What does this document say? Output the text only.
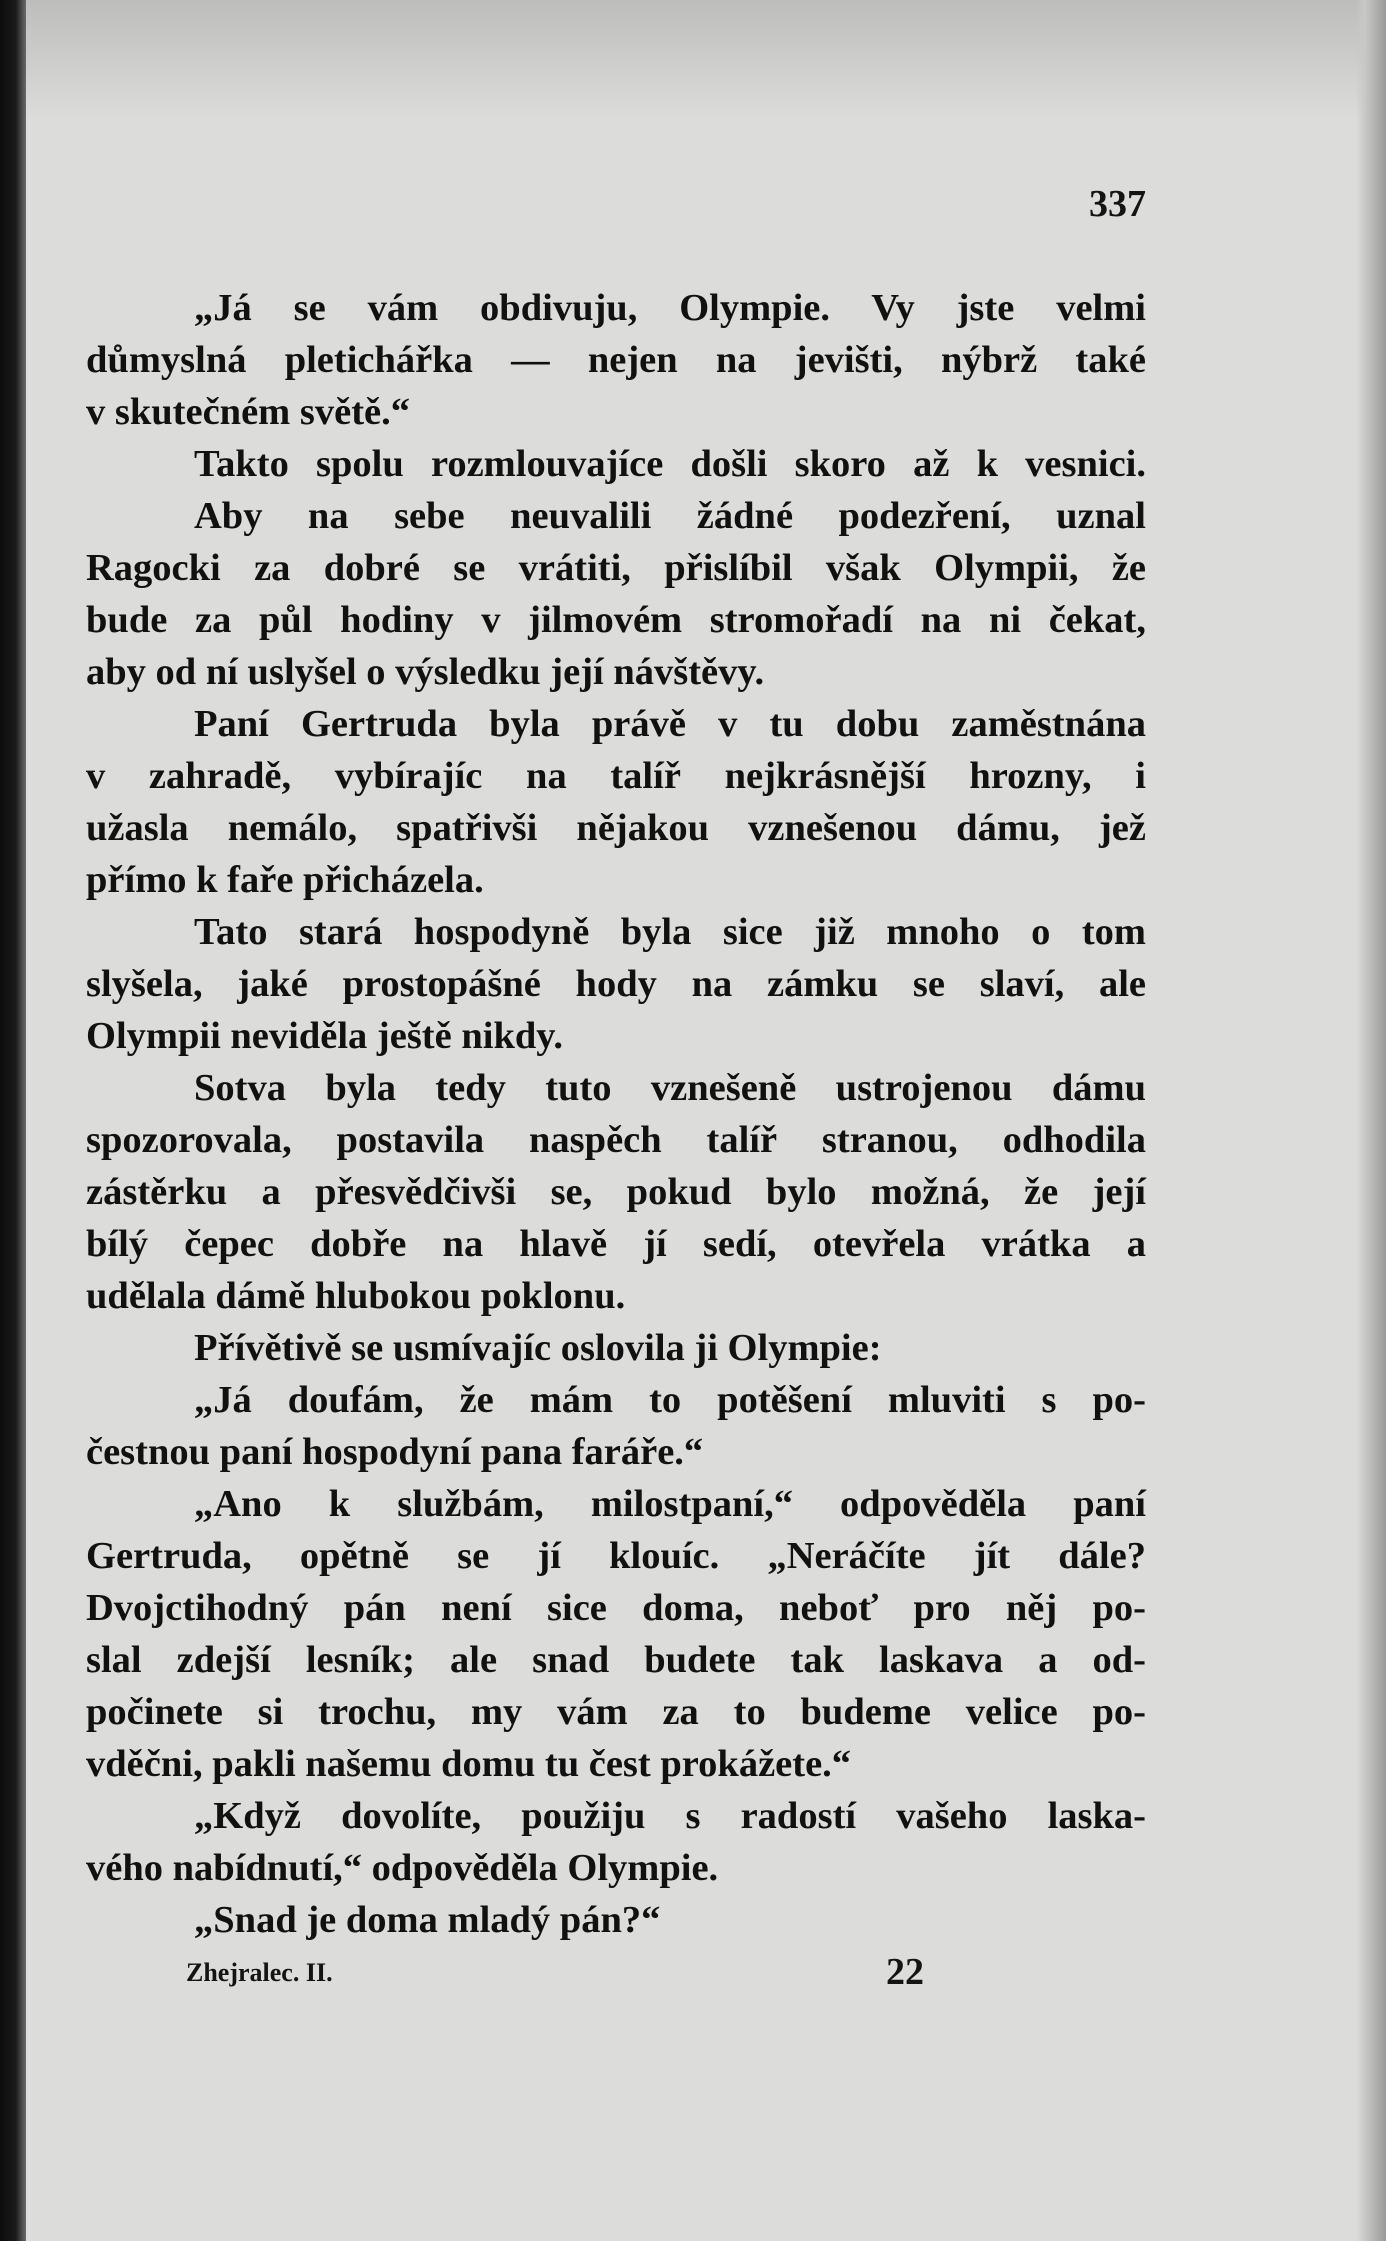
337
„Já se vám obdivuju, Olympie. Vy jste velmi
důmyslná pletichářka — nejen na jevišti, nýbrž také
v skutečném světě.“
Takto spolu rozmlouvajíce došli skoro až k vesnici.
Aby na sebe neuvalili žádné podezření, uznal
Ragocki za dobré se vrátiti, přislíbil však Olympii, že
bude za půl hodiny v jilmovém stromořadí na ni čekat,
aby od ní uslyšel o výsledku její návštěvy.
Paní Gertruda byla právě v tu dobu zaměstnána
v zahradě, vybírajíc na talíř nejkrásnější hrozny, i
užasla nemálo, spatřivši nějakou vznešenou dámu, jež
přímo k faře přicházela.
Tato stará hospodyně byla sice již mnoho o tom
slyšela, jaké prostopášné hody na zámku se slaví, ale
Olympii neviděla ještě nikdy.
Sotva byla tedy tuto vznešeně ustrojenou dámu
spozorovala, postavila naspěch talíř stranou, odhodila
zástěrku a přesvědčivši se, pokud bylo možná, že její
bílý čepec dobře na hlavě jí sedí, otevřela vrátka a
udělala dámě hlubokou poklonu.
Přívětivě se usmívajíc oslovila ji Olympie:
„Já doufám, že mám to potěšení mluviti s po-
čestnou paní hospodyní pana faráře.“
„Ano k službám, milostpaní,“ odpověděla paní
Gertruda, opětně se jí klouíc. „Neráčíte jít dále?
Dvojctihodný pán není sice doma, neboť pro něj po-
slal zdejší lesník; ale snad budete tak laskava a od-
počinete si trochu, my vám za to budeme velice po-
vděčni, pakli našemu domu tu čest prokážete.“
„Když dovolíte, použiju s radostí vašeho laska-
vého nabídnutí,“ odpověděla Olympie.
„Snad je doma mladý pán?“
Zhejralec. II.	22
